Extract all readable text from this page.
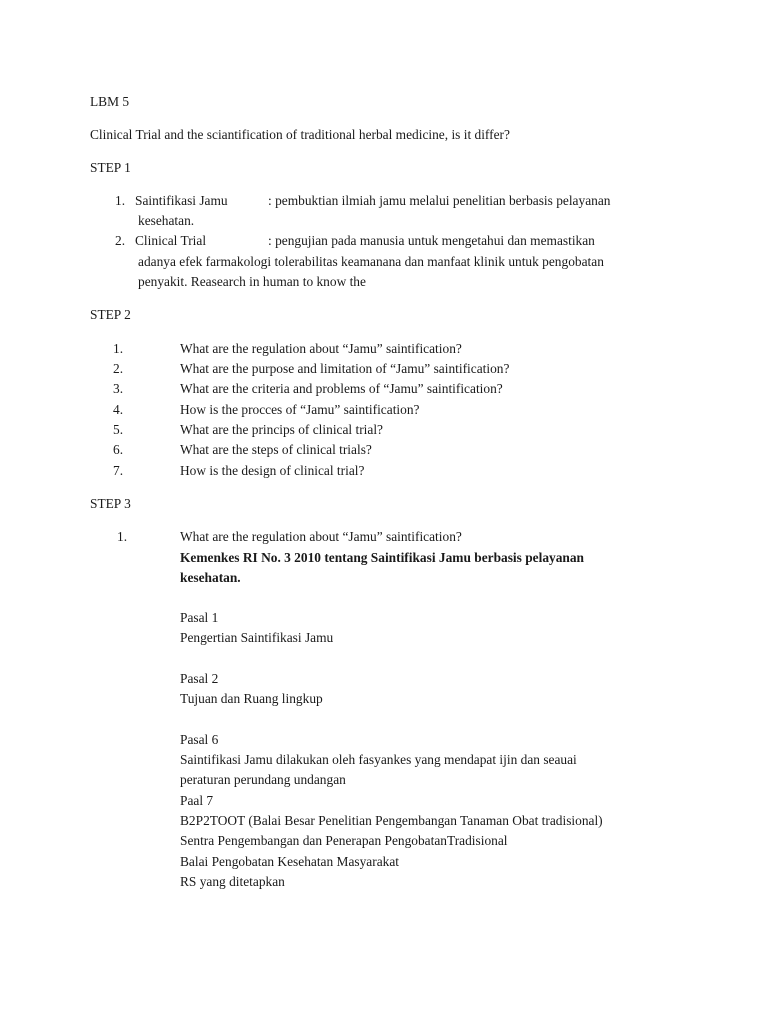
LBM 5
Clinical Trial and the sciantification of traditional herbal medicine, is it differ?
STEP 1
1. Saintifikasi Jamu	: pembuktian ilmiah jamu melalui penelitian berbasis pelayanan
kesehatan.
2. Clinical Trial	: pengujian pada manusia untuk mengetahui dan memastikan
adanya efek farmakologi tolerabilitas keamanana dan manfaat klinik untuk pengobatan
penyakit. Reasearch in human to know the
STEP 2
1.	What are the regulation about “Jamu” saintification?
2.	What are the purpose and limitation of “Jamu” saintification?
3.	What are the criteria and problems of “Jamu” saintification?
4.	How is the procces of “Jamu” saintification?
5.	What are the princips of clinical trial?
6.	What are the steps of clinical trials?
7.	How is the design of clinical trial?
STEP 3
1.	What are the regulation about “Jamu” saintification?
Kemenkes RI No. 3 2010 tentang Saintifikasi Jamu berbasis pelayanan
kesehatan.
Pasal 1
Pengertian Saintifikasi Jamu
Pasal 2
Tujuan dan Ruang lingkup
Pasal 6
Saintifikasi Jamu dilakukan oleh fasyankes yang mendapat ijin dan seauai
peraturan perundang undangan
Paal 7
B2P2TOOT (Balai Besar Penelitian Pengembangan Tanaman Obat tradisional)
Sentra Pengembangan dan Penerapan PengobatanTradisional
Balai Pengobatan Kesehatan Masyarakat
RS yang ditetapkan
